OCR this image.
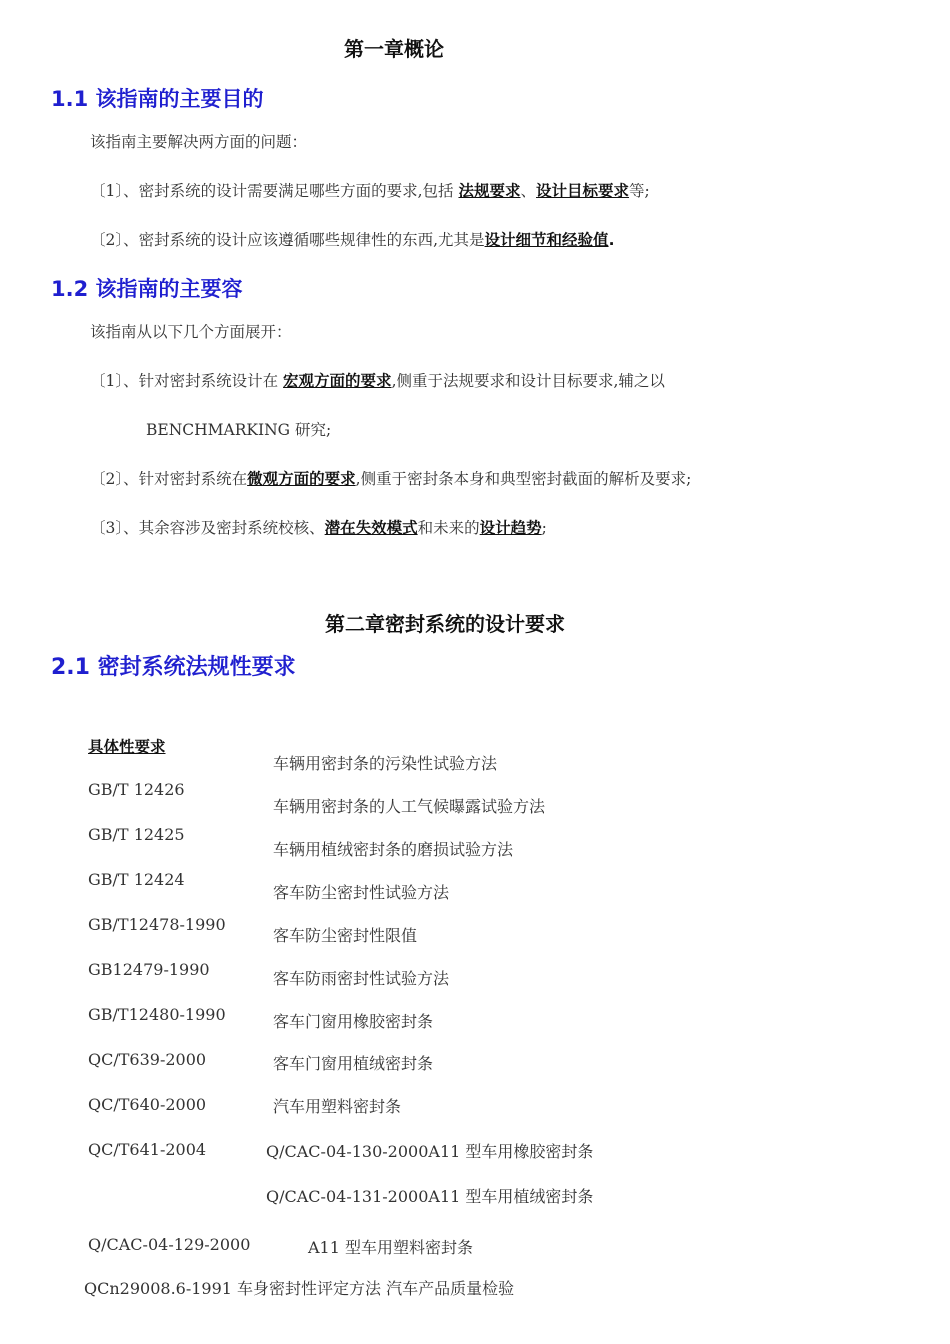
第一章概论
1.1 该指南的主要目的
该指南主要解决两方面的问题：
〔1〕、密封系统的设计需要满足哪些方面的要求,包括 法规要求、设计目标要求等;
〔2〕、密封系统的设计应该遵循哪些规律性的东西,尤其是设计细节和经验值.
1.2 该指南的主要容
该指南从以下几个方面展开：
〔1〕、针对密封系统设计在 宏观方面的要求,侧重于法规要求和设计目标要求,辅之以
BENCHMARKING 研究;
〔2〕、针对密封系统在微观方面的要求,侧重于密封条本身和典型密封截面的解析及要求;
〔3〕、其余容涉及密封系统校核、潜在失效模式和未来的设计趋势;
第二章密封系统的设计要求
2.1 密封系统法规性要求
具体性要求
GB/T 12426
GB/T 12425
GB/T 12424
GB/T12478-1990
GB12479-1990
GB/T12480-1990
QC/T639-2000
QC/T640-2000
QC/T641-2004
车辆用密封条的污染性试验方法
车辆用密封条的人工气候曝露试验方法
车辆用植绒密封条的磨损试验方法
客车防尘密封性试验方法
客车防尘密封性限值
客车防雨密封性试验方法
客车门窗用橡胶密封条
客车门窗用植绒密封条
汽车用塑料密封条
Q/CAC-04-130-2000A11 型车用橡胶密封条
Q/CAC-04-131-2000A11 型车用植绒密封条
Q/CAC-04-129-2000	A11 型车用塑料密封条
QCn29008.6-1991 车身密封性评定方法 汽车产品质量检验
